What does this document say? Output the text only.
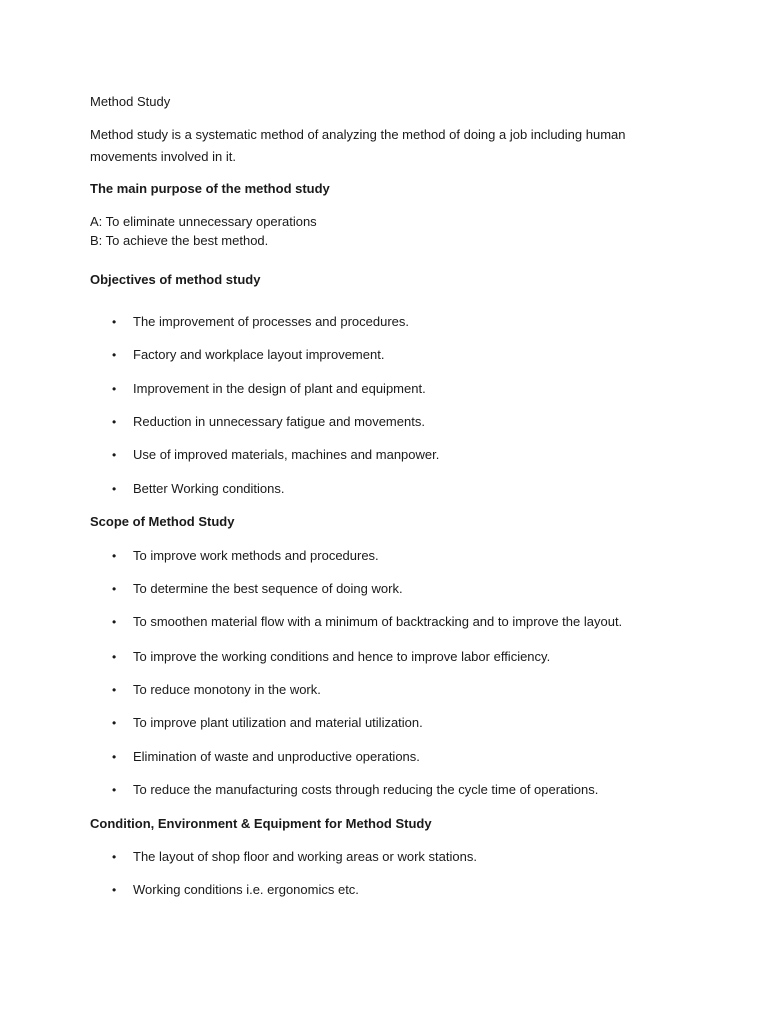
Method Study
Method study is a systematic method of analyzing the method of doing a job including human movements involved in it.
The main purpose of the method study
A: To eliminate unnecessary operations
B: To achieve the best method.
Objectives of method study
• The improvement of processes and procedures.
• Factory and workplace layout improvement.
• Improvement in the design of plant and equipment.
• Reduction in unnecessary fatigue and movements.
• Use of improved materials, machines and manpower.
• Better Working conditions.
Scope of Method Study
• To improve work methods and procedures.
• To determine the best sequence of doing work.
• To smoothen material flow with a minimum of backtracking and to improve the layout.
• To improve the working conditions and hence to improve labor efficiency.
• To reduce monotony in the work.
• To improve plant utilization and material utilization.
• Elimination of waste and unproductive operations.
• To reduce the manufacturing costs through reducing the cycle time of operations.
Condition, Environment & Equipment for Method Study
• The layout of shop floor and working areas or work stations.
• Working conditions i.e. ergonomics etc.
